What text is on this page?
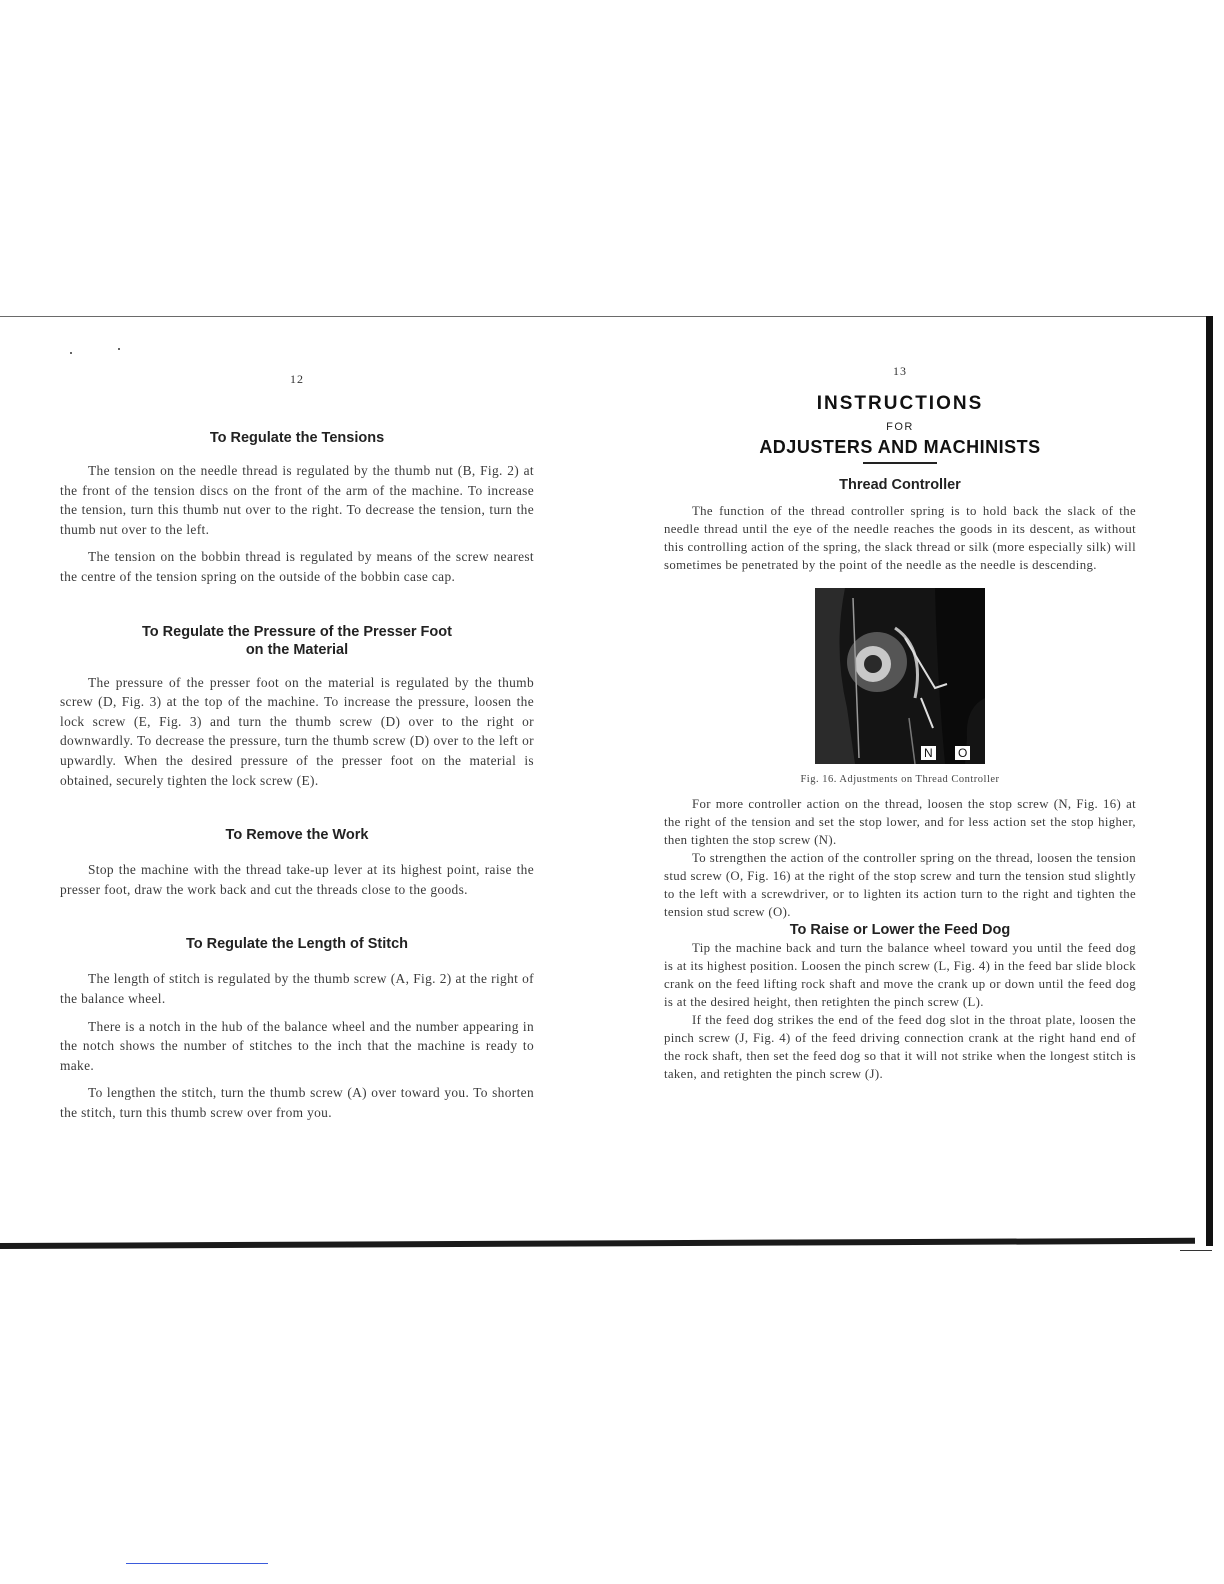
12
To Regulate the Tensions

The tension on the needle thread is regulated by the thumb nut (B, Fig. 2) at the front of the tension discs on the front of the arm of the machine. To increase the tension, turn this thumb nut over to the right. To decrease the tension, turn the thumb nut over to the left.

The tension on the bobbin thread is regulated by means of the screw nearest the centre of the tension spring on the outside of the bobbin case cap.

To Regulate the Pressure of the Presser Foot
on the Material

The pressure of the presser foot on the material is regulated by the thumb screw (D, Fig. 3) at the top of the machine. To increase the pressure, loosen the lock screw (E, Fig. 3) and turn the thumb screw (D) over to the right or downwardly. To decrease the pressure, turn the thumb screw (D) over to the left or upwardly. When the desired pressure of the presser foot on the material is obtained, securely tighten the lock screw (E).

To Remove the Work

Stop the machine with the thread take-up lever at its highest point, raise the presser foot, draw the work back and cut the threads close to the goods.

To Regulate the Length of Stitch

The length of stitch is regulated by the thumb screw (A, Fig. 2) at the right of the balance wheel.

There is a notch in the hub of the balance wheel and the number appearing in the notch shows the number of stitches to the inch that the machine is ready to make.

To lengthen the stitch, turn the thumb screw (A) over toward you. To shorten the stitch, turn this thumb screw over from you.

13
INSTRUCTIONS
FOR
ADJUSTERS AND MACHINISTS
Thread Controller

The function of the thread controller spring is to hold back the slack of the needle thread until the eye of the needle reaches the goods in its descent, as without this controlling action of the spring, the slack thread or silk (more especially silk) will sometimes be penetrated by the point of the needle as the needle is descending.

N O
Fig. 16. Adjustments on Thread Controller

For more controller action on the thread, loosen the stop screw (N, Fig. 16) at the right of the tension and set the stop lower, and for less action set the stop higher, then tighten the stop screw (N).

To strengthen the action of the controller spring on the thread, loosen the tension stud screw (O, Fig. 16) at the right of the stop screw and turn the tension stud slightly to the left with a screwdriver, or to lighten its action turn to the right and tighten the tension stud screw (O).

To Raise or Lower the Feed Dog

Tip the machine back and turn the balance wheel toward you until the feed dog is at its highest position. Loosen the pinch screw (L, Fig. 4) in the feed bar slide block crank on the feed lifting rock shaft and move the crank up or down until the feed dog is at the desired height, then retighten the pinch screw (L).

If the feed dog strikes the end of the feed dog slot in the throat plate, loosen the pinch screw (J, Fig. 4) of the feed driving connection crank at the right hand end of the rock shaft, then set the feed dog so that it will not strike when the longest stitch is taken, and retighten the pinch screw (J).
